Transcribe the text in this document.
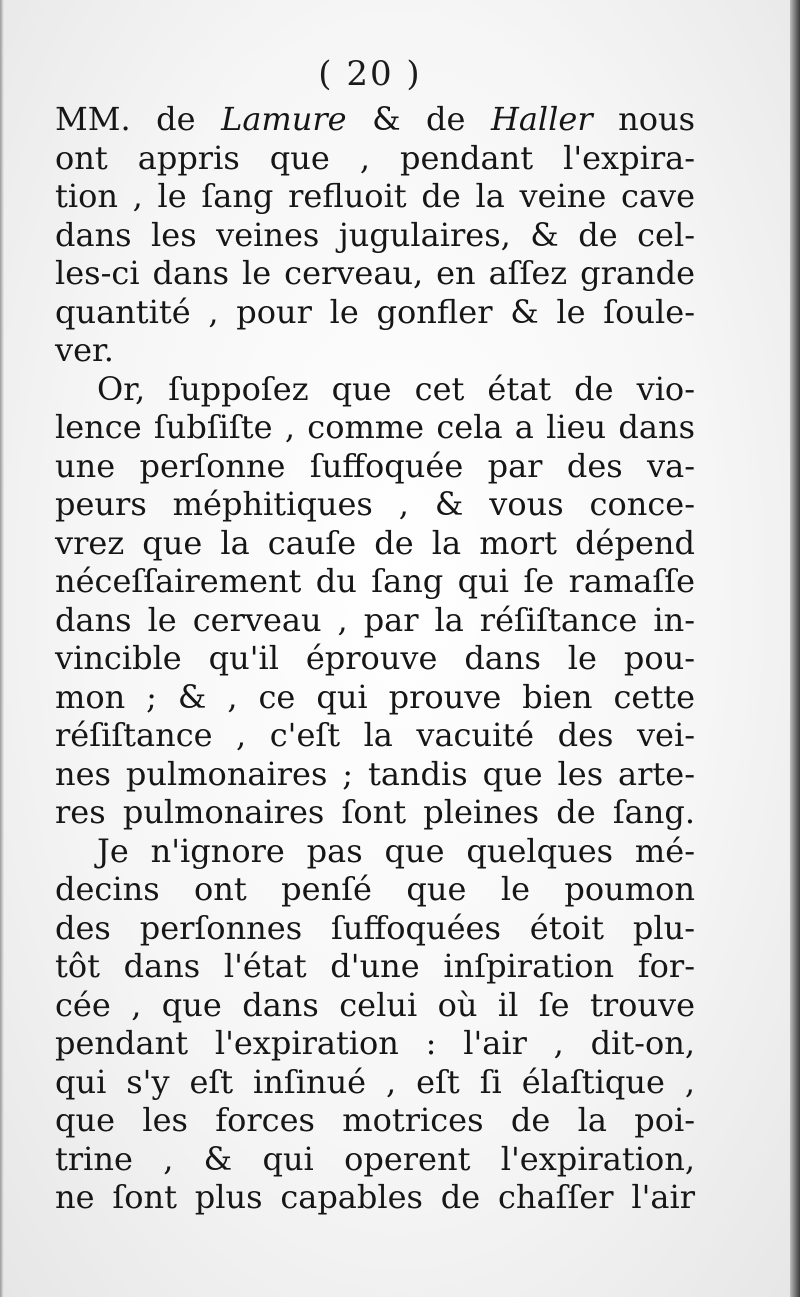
( 20 )
MM. de Lamure & de Haller nous
ont appris que , pendant l'expira-
tion , le ſang refluoit de la veine cave
dans les veines jugulaires, & de cel-
les-ci dans le cerveau, en aſſez grande
quantité , pour le gonfler & le ſoule-
ver.
Or, ſuppoſez que cet état de vio-
lence ſubſiſte , comme cela a lieu dans
une perſonne ſuffoquée par des va-
peurs méphitiques , & vous conce-
vrez que la cauſe de la mort dépend
néceſſairement du ſang qui ſe ramaſſe
dans le cerveau , par la réſiſtance in-
vincible qu'il éprouve dans le pou-
mon ; & , ce qui prouve bien cette
réſiſtance , c'eſt la vacuité des vei-
nes pulmonaires ; tandis que les arte-
res pulmonaires ſont pleines de ſang.
Je n'ignore pas que quelques mé-
decins ont penſé que le poumon
des perſonnes ſuffoquées étoit plu-
tôt dans l'état d'une inſpiration for-
cée , que dans celui où il ſe trouve
pendant l'expiration : l'air , dit-on,
qui s'y eſt inſinué , eſt ſi élaſtique ,
que les forces motrices de la poi-
trine , & qui operent l'expiration,
ne ſont plus capables de chaſſer l'air
